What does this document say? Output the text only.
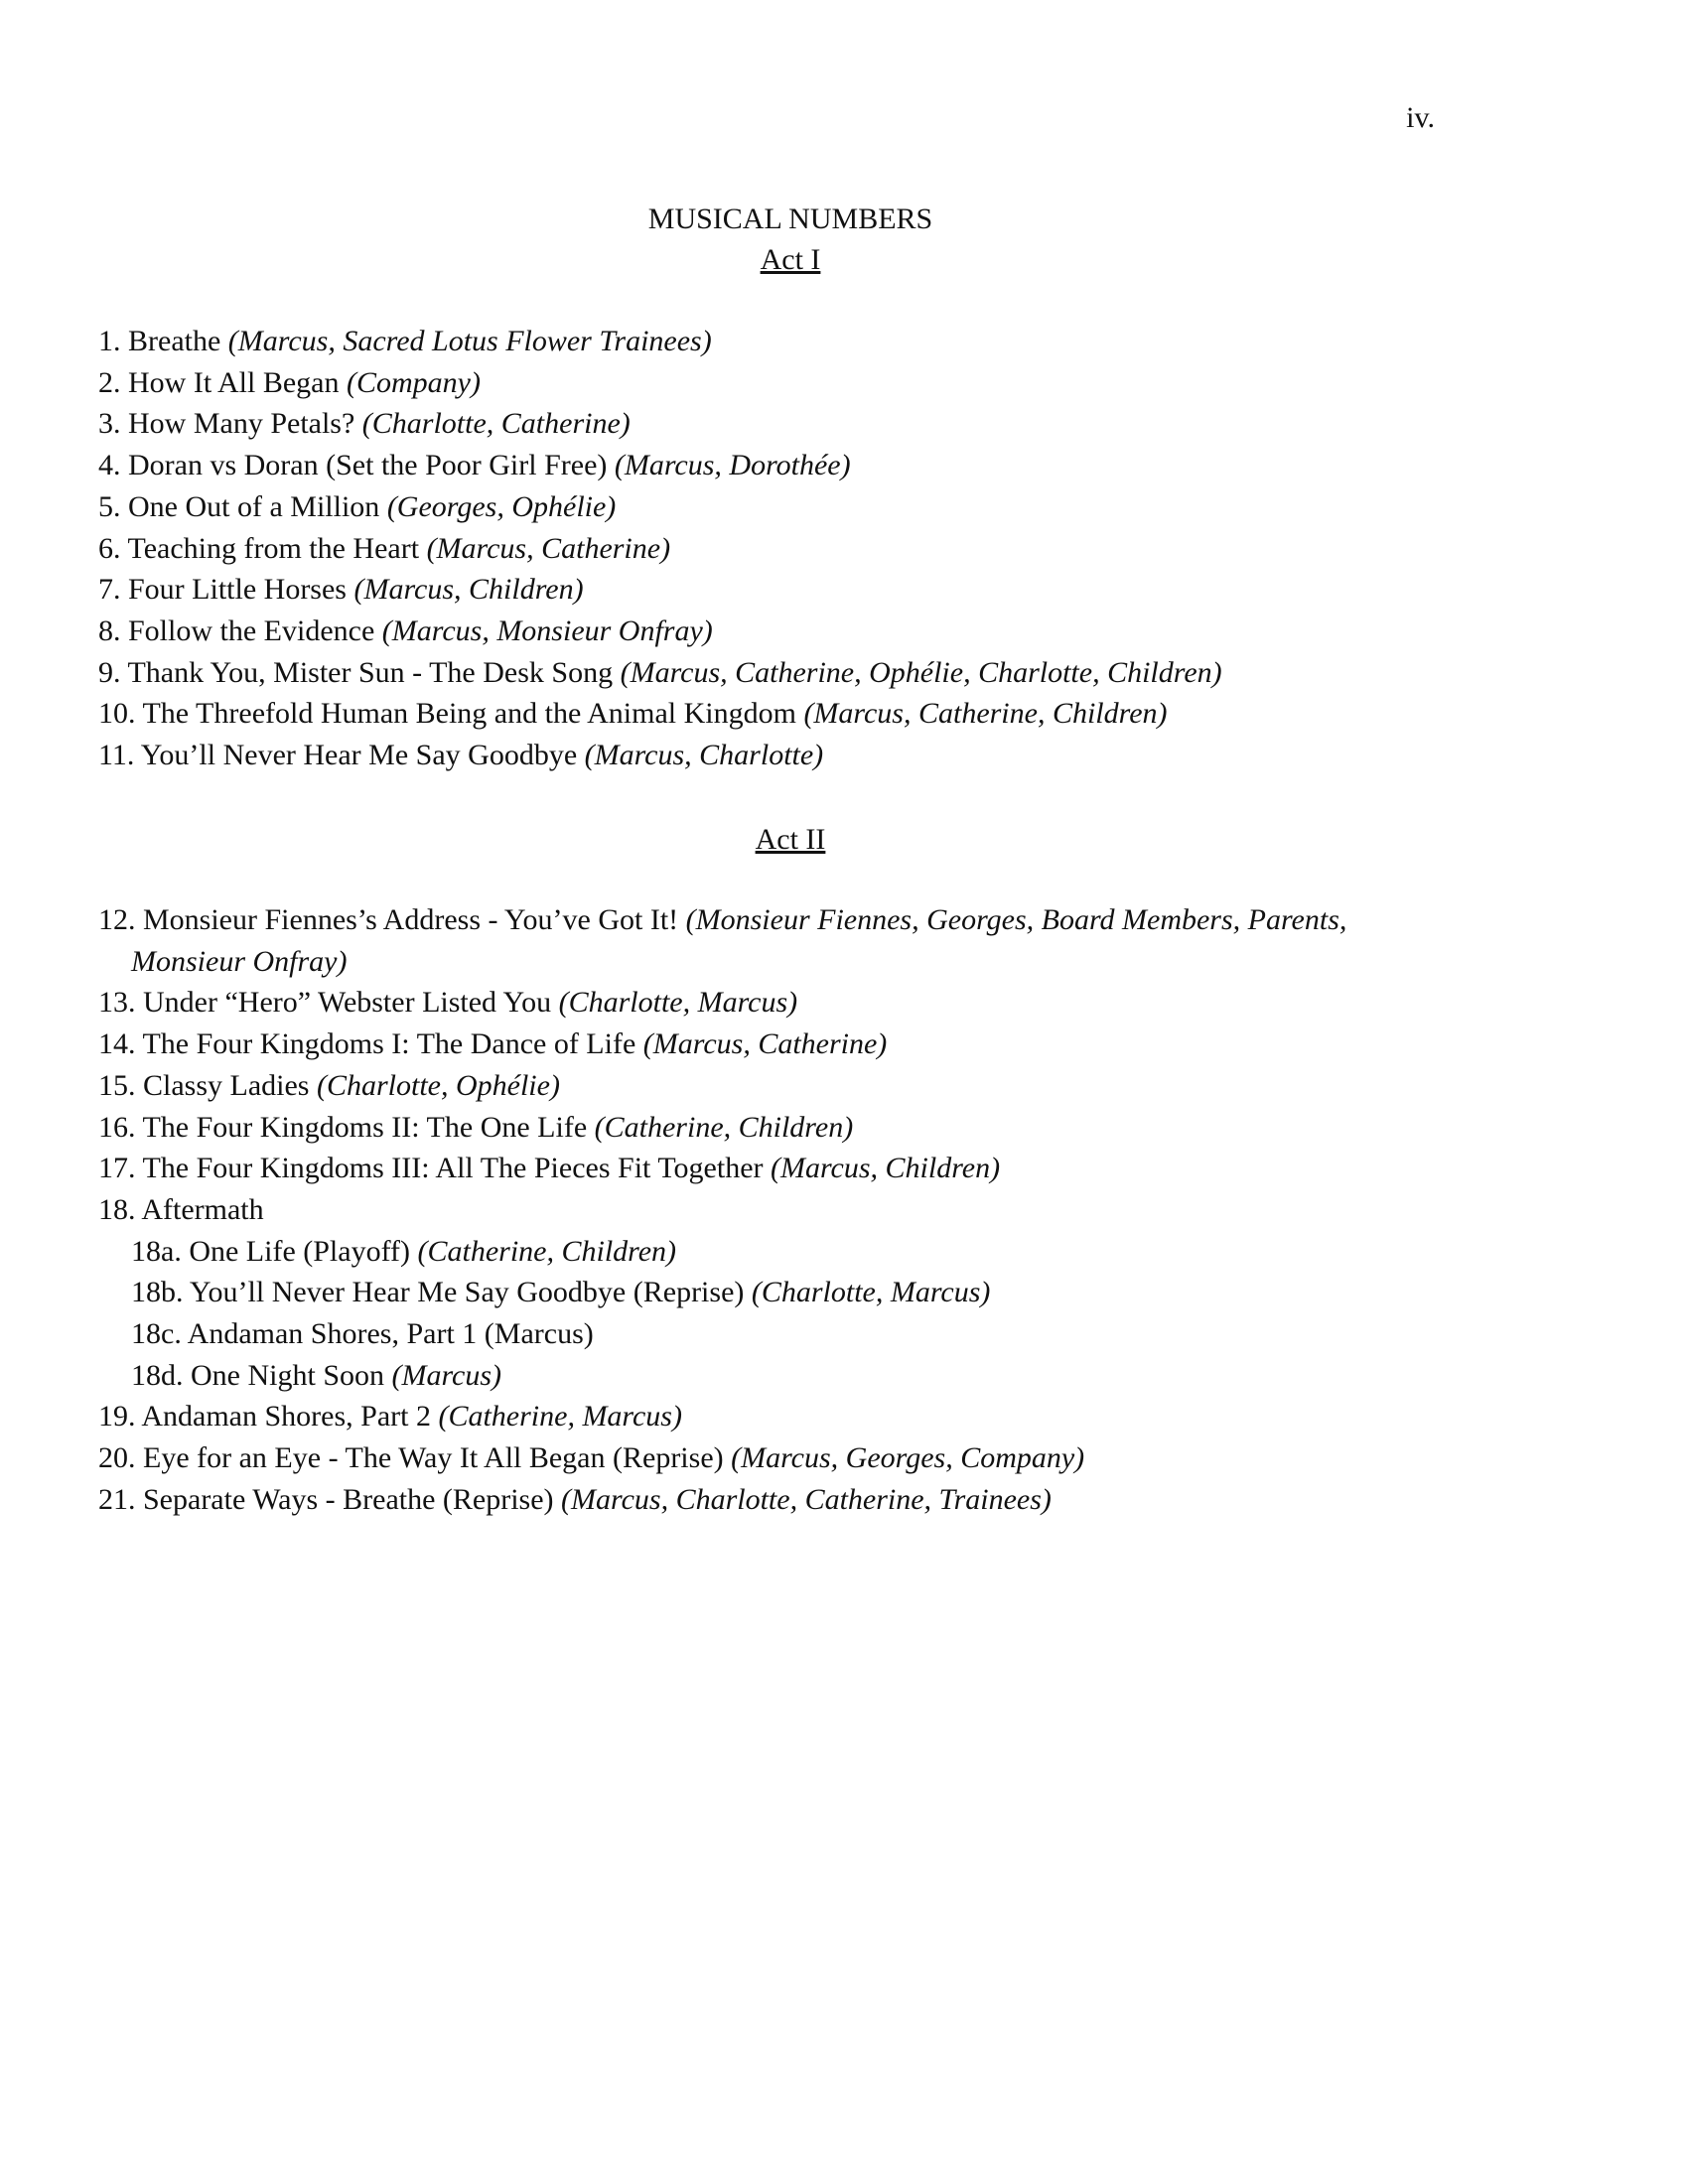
iv.
MUSICAL NUMBERS
Act I
1. Breathe (Marcus, Sacred Lotus Flower Trainees)
2. How It All Began (Company)
3. How Many Petals? (Charlotte, Catherine)
4. Doran vs Doran (Set the Poor Girl Free) (Marcus, Dorothée)
5. One Out of a Million (Georges, Ophélie)
6. Teaching from the Heart (Marcus, Catherine)
7. Four Little Horses (Marcus, Children)
8. Follow the Evidence (Marcus, Monsieur Onfray)
9. Thank You, Mister Sun - The Desk Song (Marcus, Catherine, Ophélie, Charlotte, Children)
10. The Threefold Human Being and the Animal Kingdom (Marcus, Catherine, Children)
11. You’ll Never Hear Me Say Goodbye (Marcus, Charlotte)
Act II
12. Monsieur Fiennes’s Address - You’ve Got It! (Monsieur Fiennes, Georges, Board Members, Parents, Monsieur Onfray)
13. Under “Hero” Webster Listed You (Charlotte, Marcus)
14. The Four Kingdoms I: The Dance of Life (Marcus, Catherine)
15. Classy Ladies (Charlotte, Ophélie)
16. The Four Kingdoms II: The One Life (Catherine, Children)
17. The Four Kingdoms III: All The Pieces Fit Together (Marcus, Children)
18. Aftermath
18a. One Life (Playoff) (Catherine, Children)
18b. You’ll Never Hear Me Say Goodbye (Reprise) (Charlotte, Marcus)
18c. Andaman Shores, Part 1 (Marcus)
18d. One Night Soon (Marcus)
19. Andaman Shores, Part 2 (Catherine, Marcus)
20. Eye for an Eye - The Way It All Began (Reprise) (Marcus, Georges, Company)
21. Separate Ways - Breathe (Reprise) (Marcus, Charlotte, Catherine, Trainees)
